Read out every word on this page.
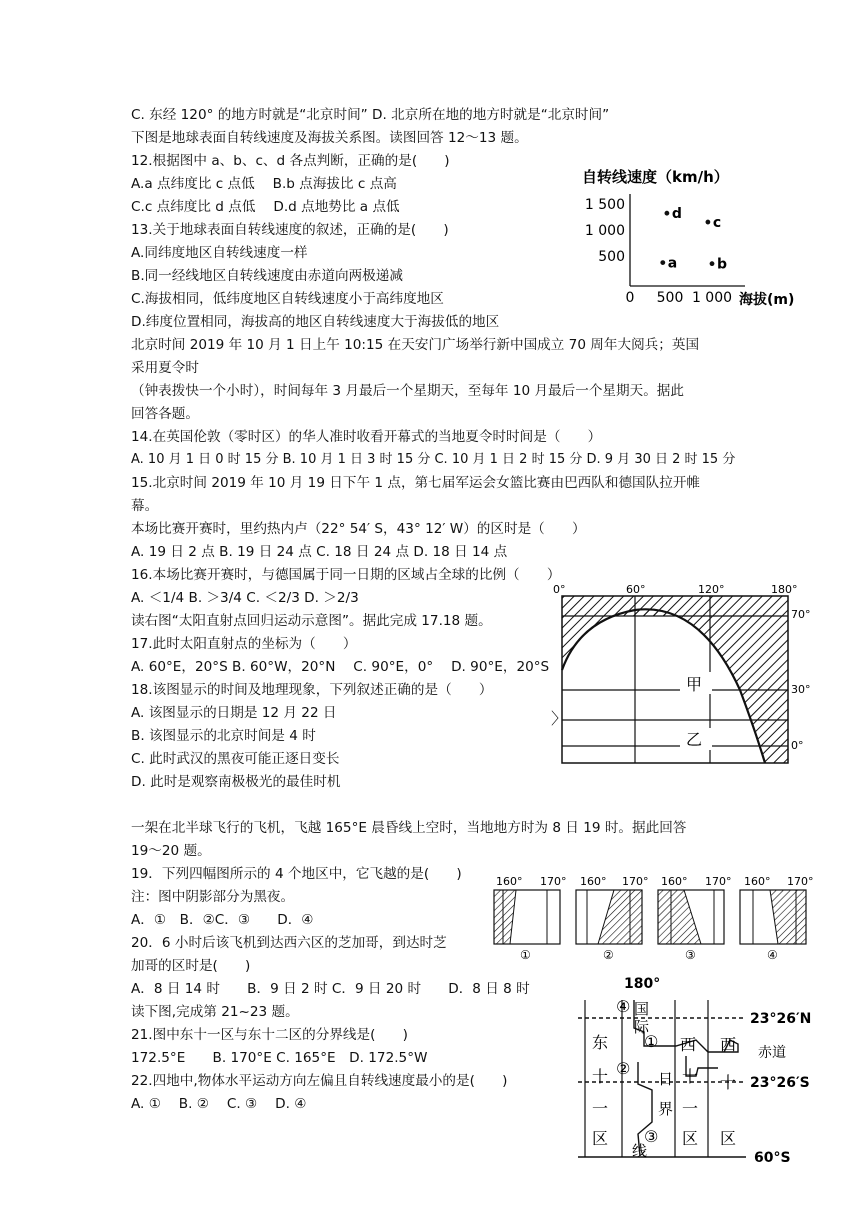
C. 东经 120° 的地方时就是“北京时间” D. 北京所在地的地方时就是“北京时间”
下图是地球表面自转线速度及海拔关系图。读图回答 12～13 题。
12.根据图中 a、b、c、d 各点判断，正确的是(　　)
A.a 点纬度比 c 点低　 B.b 点海拔比 c 点高
C.c 点纬度比 d 点低　 D.d 点地势比 a 点低
13.关于地球表面自转线速度的叙述，正确的是(　　)
A.同纬度地区自转线速度一样
B.同一经线地区自转线速度由赤道向两极递减
C.海拔相同，低纬度地区自转线速度小于高纬度地区
D.纬度位置相同，海拔高的地区自转线速度大于海拔低的地区
北京时间 2019 年 10 月 1 日上午 10:15 在天安门广场举行新中国成立 70 周年大阅兵；英国
采用夏令时
（钟表拨快一个小时），时间每年 3 月最后一个星期天，至每年 10 月最后一个星期天。据此
回答各题。
14.在英国伦敦（零时区）的华人准时收看开幕式的当地夏令时时间是（　　）
A. 10 月 1 日 0 时 15 分 B. 10 月 1 日 3 时 15 分 C. 10 月 1 日 2 时 15 分 D. 9 月 30 日 2 时 15 分
15.北京时间 2019 年 10 月 19 日下午 1 点，第七届军运会女篮比赛由巴西队和德国队拉开帷
幕。
本场比赛开赛时，里约热内卢（22° 54′ S，43° 12′ W）的区时是（　　）
A. 19 日 2 点 B. 19 日 24 点 C. 18 日 24 点 D. 18 日 14 点
16.本场比赛开赛时，与德国属于同一日期的区域占全球的比例（　　）
A. ＜1/4 B. ＞3/4 C. ＜2/3 D. ＞2/3
读右图“太阳直射点回归运动示意图”。据此完成 17.18 题。
17.此时太阳直射点的坐标为（　　）
A. 60°E，20°S B. 60°W，20°N　 C. 90°E，0°　 D. 90°E，20°S
18.该图显示的时间及地理现象，下列叙述正确的是（　　）
A. 该图显示的日期是 12 月 22 日
B. 该图显示的北京时间是 4 时
C. 此时武汉的黑夜可能正逐日变长
D. 此时是观察南极极光的最佳时机
一架在北半球飞行的飞机，飞越 165°E 晨昏线上空时，当地地方时为 8 日 19 时。据此回答
19～20 题。
19．下列四幅图所示的 4 个地区中，它飞越的是(　　)
注：图中阴影部分为黑夜。
A．①　B．②C．③　　D．④
20．6 小时后该飞机到达西六区的芝加哥，到达时芝
加哥的区时是(　　)
A．8 日 14 时　　B．9 日 2 时 C．9 日 20 时　　D．8 日 8 时
读下图,完成第 21~23 题。
21.图中东十一区与东十二区的分界线是(　　)
172.5°E　　B. 170°E C. 165°E　D. 172.5°W
22.四地中,物体水平运动方向左偏且自转线速度最小的是(　　)
A. ①　 B. ②　 C. ③　 D. ④
自转线速度（km/h）
1 500
1 000
500
0 500 1 000 海拔(m)
a	b
c
d
0°	60°	120°	180°
70°
30°
0°
甲
乙
〉
160° 170°
①
160° 170°
②
160° 170°
③
160° 170°
④
180°
东
十
一
区
西
十
一
区
西
十
区
国
际
日
界
线
①
②
③
④
23°26′N
赤道
23°26′S
60°S
